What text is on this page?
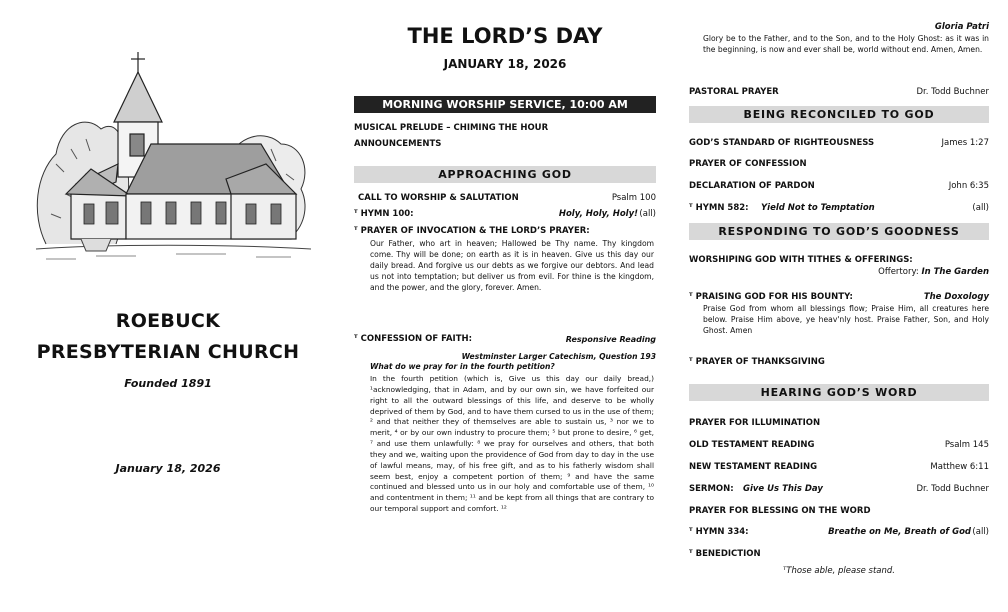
ROEBUCK
PRESBYTERIAN CHURCH
Founded 1891
January 18, 2026
THE LORD’S DAY
JANUARY 18, 2026
MORNING WORSHIP SERVICE, 10:00 AM
MUSICAL PRELUDE – CHIMING THE HOUR
ANNOUNCEMENTS
APPROACHING GOD
CALL TO WORSHIP & SALUTATION	Psalm 100
ᵀ HYMN 100:	Holy, Holy, Holy! (all)
ᵀ PRAYER OF INVOCATION & THE LORD’S PRAYER:
Our Father, who art in heaven; Hallowed be Thy name. Thy kingdom come. Thy will be done; on earth as it is in heaven. Give us this day our daily bread. And forgive us our debts as we forgive our debtors. And lead us not into temptation; but deliver us from evil. For thine is the kingdom, and the power, and the glory, forever. Amen.
ᵀ CONFESSION OF FAITH:	Responsive Reading
Westminster Larger Catechism, Question 193
What do we pray for in the fourth petition?
In the fourth petition (which is, Give us this day our daily bread,) ¹acknowledging, that in Adam, and by our own sin, we have forfeited our right to all the outward blessings of this life, and deserve to be wholly deprived of them by God, and to have them cursed to us in the use of them; ² and that neither they of themselves are able to sustain us, ³ nor we to merit, ⁴ or by our own industry to procure them; ⁵ but prone to desire, ⁶ get, ⁷ and use them unlawfully: ⁸ we pray for ourselves and others, that both they and we, waiting upon the providence of God from day to day in the use of lawful means, may, of his free gift, and as to his fatherly wisdom shall seem best, enjoy a competent portion of them; ⁹ and have the same continued and blessed unto us in our holy and comfortable use of them, ¹⁰ and contentment in them; ¹¹ and be kept from all things that are contrary to our temporal support and comfort. ¹²
Gloria Patri
Glory be to the Father, and to the Son, and to the Holy Ghost: as it was in the beginning, is now and ever shall be, world without end. Amen, Amen.
PASTORAL PRAYER	Dr. Todd Buchner
BEING RECONCILED TO GOD
GOD’S STANDARD OF RIGHTEOUSNESS	James 1:27
PRAYER OF CONFESSION
DECLARATION OF PARDON	John 6:35
ᵀ HYMN 582: Yield Not to Temptation	(all)
RESPONDING TO GOD’S GOODNESS
WORSHIPING GOD WITH TITHES & OFFERINGS:
Offertory: In The Garden
ᵀ PRAISING GOD FOR HIS BOUNTY:	The Doxology
Praise God from whom all blessings flow; Praise Him, all creatures here below. Praise Him above, ye heav'nly host. Praise Father, Son, and Holy Ghost. Amen
ᵀ PRAYER OF THANKSGIVING
HEARING GOD’S WORD
PRAYER FOR ILLUMINATION
OLD TESTAMENT READING	Psalm 145
NEW TESTAMENT READING	Matthew 6:11
SERMON: Give Us This Day	Dr. Todd Buchner
PRAYER FOR BLESSING ON THE WORD
ᵀ HYMN 334:	Breathe on Me, Breath of God (all)
ᵀ BENEDICTION
ᵀThose able, please stand.
